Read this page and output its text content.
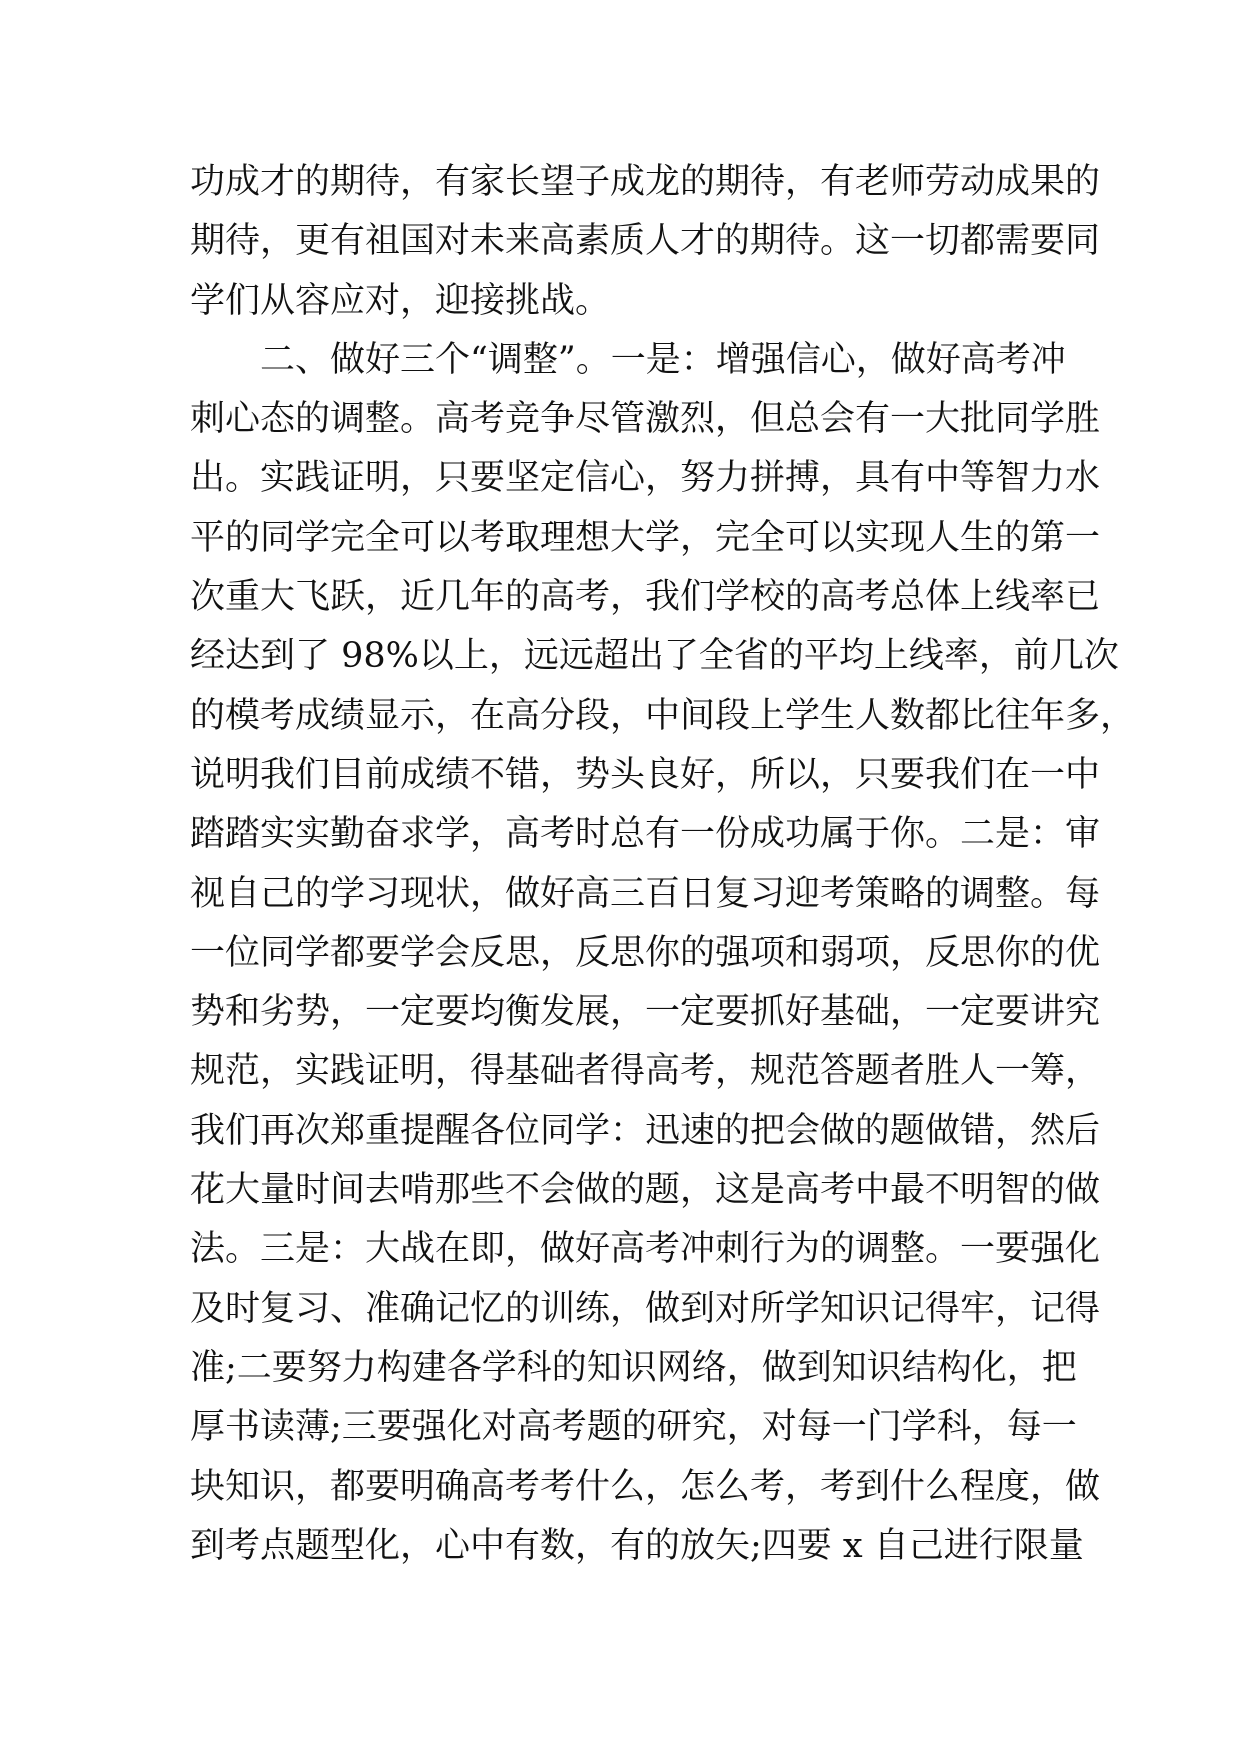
功成才的期待，有家长望子成龙的期待，有老师劳动成果的
期待，更有祖国对未来高素质人才的期待。这一切都需要同
学们从容应对，迎接挑战。
二、做好三个“调整”。一是：增强信心，做好高考冲
刺心态的调整。高考竞争尽管激烈，但总会有一大批同学胜
出。实践证明，只要坚定信心，努力拼搏，具有中等智力水
平的同学完全可以考取理想大学，完全可以实现人生的第一
次重大飞跃，近几年的高考，我们学校的高考总体上线率已
经达到了 98%以上，远远超出了全省的平均上线率，前几次
的模考成绩显示，在高分段，中间段上学生人数都比往年多，
说明我们目前成绩不错，势头良好，所以，只要我们在一中
踏踏实实勤奋求学，高考时总有一份成功属于你。二是：审
视自己的学习现状，做好高三百日复习迎考策略的调整。每
一位同学都要学会反思，反思你的强项和弱项，反思你的优
势和劣势，一定要均衡发展，一定要抓好基础，一定要讲究
规范，实践证明，得基础者得高考，规范答题者胜人一筹，
我们再次郑重提醒各位同学：迅速的把会做的题做错，然后
花大量时间去啃那些不会做的题，这是高考中最不明智的做
法。三是：大战在即，做好高考冲刺行为的调整。一要强化
及时复习、准确记忆的训练，做到对所学知识记得牢，记得
准;二要努力构建各学科的知识网络，做到知识结构化，把
厚书读薄;三要强化对高考题的研究，对每一门学科，每一
块知识，都要明确高考考什么，怎么考，考到什么程度，做
到考点题型化，心中有数，有的放矢;四要 x 自己进行限量
